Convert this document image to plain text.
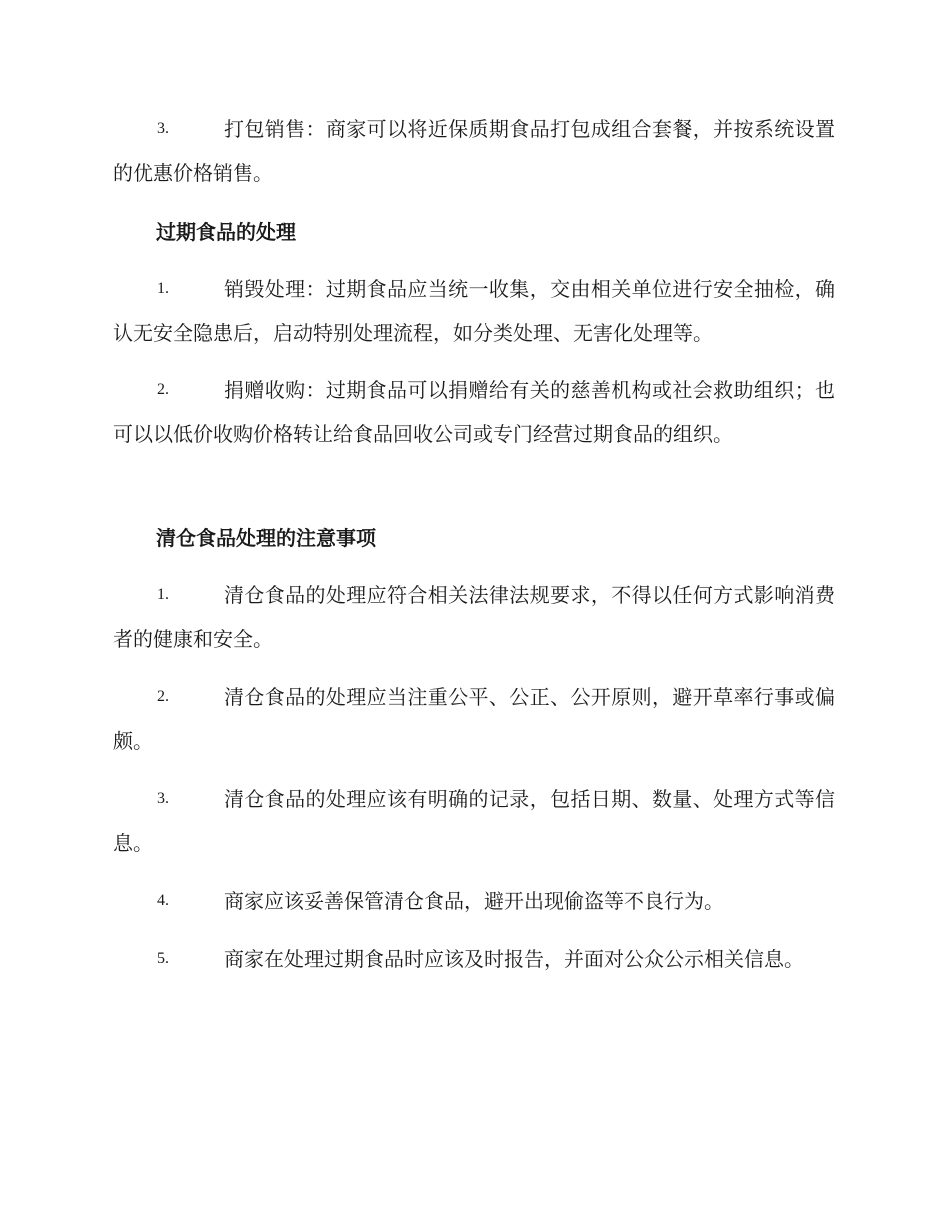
3.	打包销售：商家可以将近保质期食品打包成组合套餐，并按系统设置的优惠价格销售。
过期食品的处理
1.	销毁处理：过期食品应当统一收集，交由相关单位进行安全抽检，确认无安全隐患后，启动特别处理流程，如分类处理、无害化处理等。
2.	捐赠收购：过期食品可以捐赠给有关的慈善机构或社会救助组织；也可以以低价收购价格转让给食品回收公司或专门经营过期食品的组织。
清仓食品处理的注意事项
1.	清仓食品的处理应符合相关法律法规要求，不得以任何方式影响消费者的健康和安全。
2.	清仓食品的处理应当注重公平、公正、公开原则，避开草率行事或偏颇。
3.	清仓食品的处理应该有明确的记录，包括日期、数量、处理方式等信息。
4.	商家应该妥善保管清仓食品，避开出现偷盗等不良行为。
5.	商家在处理过期食品时应该及时报告，并面对公众公示相关信息。
